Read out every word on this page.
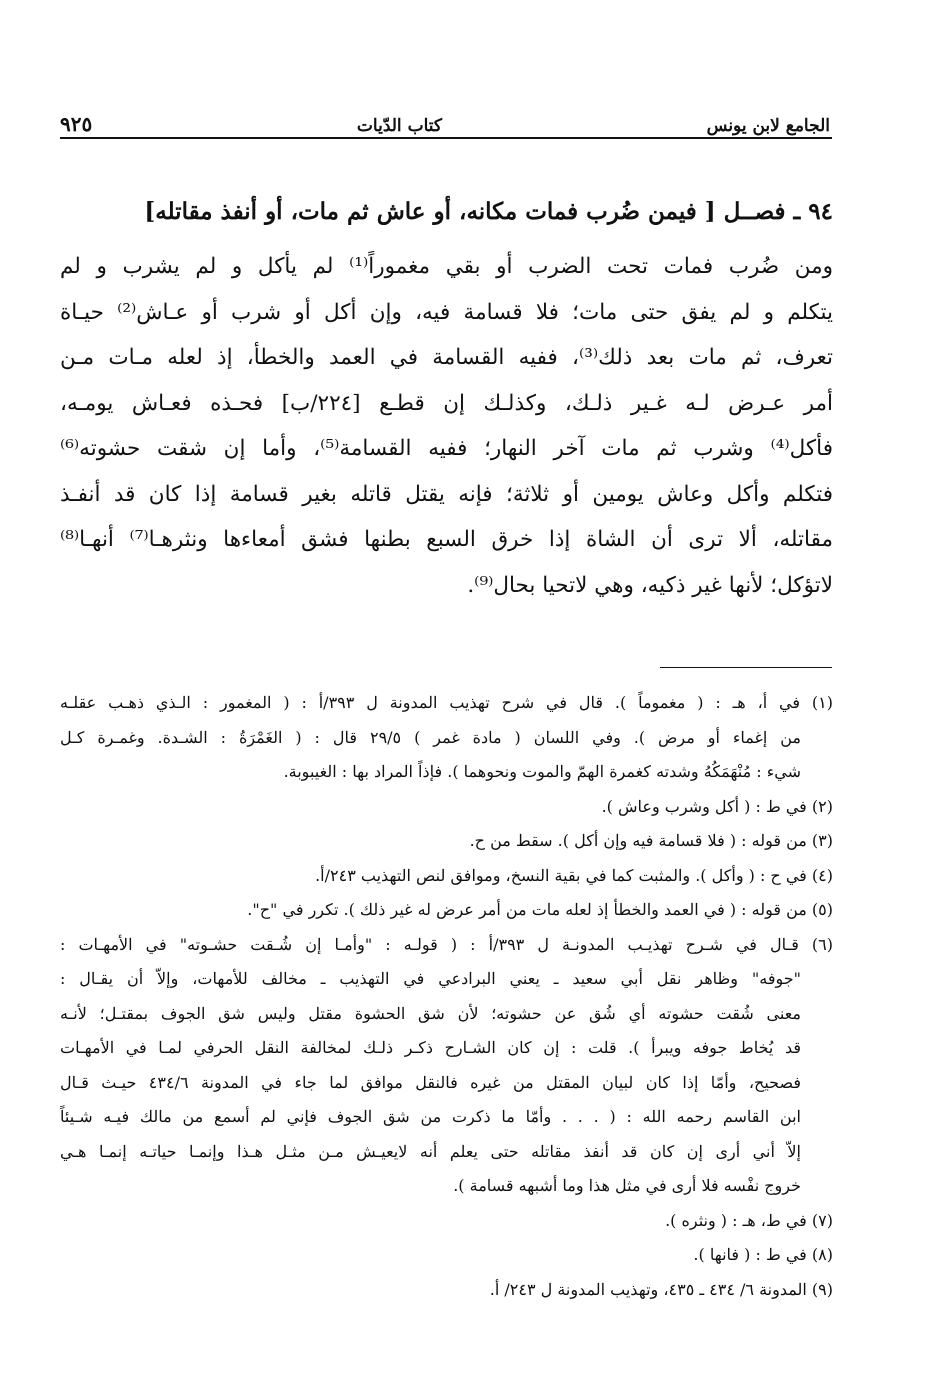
الجامع لابن يونس
كتاب الدّيات
٩٢٥
٩٤ ـ فصــل [ فيمن ضُرب فمات مكانه، أو عاش ثم مات، أو أنفذ مقاتله]
ومن ضُرب فمات تحت الضرب أو بقي مغموراً⁽¹⁾ لم يأكل و لم يشرب و لم
يتكلم و لم يفق حتى مات؛ فلا قسامة فيه، وإن أكل أو شرب أو عـاش⁽²⁾ حيـاة
تعرف، ثم مات بعد ذلك⁽³⁾، ففيه القسامة في العمد والخطأ، إذ لعله مـات مـن
أمر عـرض لـه غـير ذلـك، وكذلـك إن قطـع [٢٢٤/ب] فحـذه فعـاش يومـه،
فأكل⁽⁴⁾ وشرب ثم مات آخر النهار؛ ففيه القسامة⁽⁵⁾، وأما إن شقت حشوته⁽⁶⁾
فتكلم وأكل وعاش يومين أو ثلاثة؛ فإنه يقتل قاتله بغير قسامة إذا كان قد أنفـذ
مقاتله، ألا ترى أن الشاة إذا خرق السبع بطنها فشق أمعاءها ونثرهـا⁽⁷⁾ أنهـا⁽⁸⁾
لاتؤكل؛ لأنها غير ذكيه، وهي لاتحيا بحال⁽⁹⁾.
(١) في أ، هـ : ( مغموماً ). قال في شرح تهذيب المدونة ل ٣٩٣/أ : ( المغمور : الـذي ذهـب عقلـه
من إغماء أو مرض ). وفي اللسان ( مادة غمر ) ٢٩/٥ قال : ( الغَمْرَةُ : الشـدة. وغمـرة كـل
شيء : مُنْهَمَكُهُ وشدته كغمرة الهمّ والموت ونحوهما ). فإذاً المراد بها : الغيبوبة.
(٢) في ط : ( أكل وشرب وعاش ).
(٣) من قوله : ( فلا قسامة فيه وإن أكل ). سقط من ح.
(٤) في ح : ( وأكل ). والمثبت كما في بقية النسخ، وموافق لنص التهذيب ٢٤٣/أ.
(٥) من قوله : ( في العمد والخطأ إذ لعله مات من أمر عرض له غير ذلك ). تكرر في "ح".
(٦) قـال في شـرح تهذيـب المدونـة ل ٣٩٣/أ : ( قولـه : "وأمـا إن شُـقت حشـوته" في الأمهـات :
"جوفه" وظاهر نقل أبي سعيد ـ يعني البرادعي في التهذيب ـ مخالف للأمهات، وإلاّ أن يقـال :
معنى شُقت حشوته أي شُق عن حشوته؛ لأن شق الحشوة مقتل وليس شق الجوف بمقتـل؛ لأنـه
قد يُخاط جوفه ويبرأ ). قلت : إن كان الشـارح ذكـر ذلـك لمخالفة النقل الحرفي لمـا في الأمهـات
فصحيح، وأمّا إذا كان لبيان المقتل من غيره فالنقل موافق لما جاء في المدونة ٤٣٤/٦ حيـث قـال
ابن القاسم رحمه الله : ( . . . وأمّا ما ذكرت من شق الجوف فإني لم أسمع من مالك فيـه شـيئاً
إلاّ أني أرى إن كان قد أنفذ مقاتله حتى يعلم أنه لايعيـش مـن مثـل هـذا وإنمـا حياتـه إنمـا هـي
خروج نفْسه فلا أرى في مثل هذا وما أشبهه قسامة ).
(٧) في ط، هـ : ( ونثره ).
(٨) في ط : ( فانها ).
(٩) المدونة ٦/ ٤٣٤ ـ ٤٣٥، وتهذيب المدونة ل ٢٤٣/ أ.
